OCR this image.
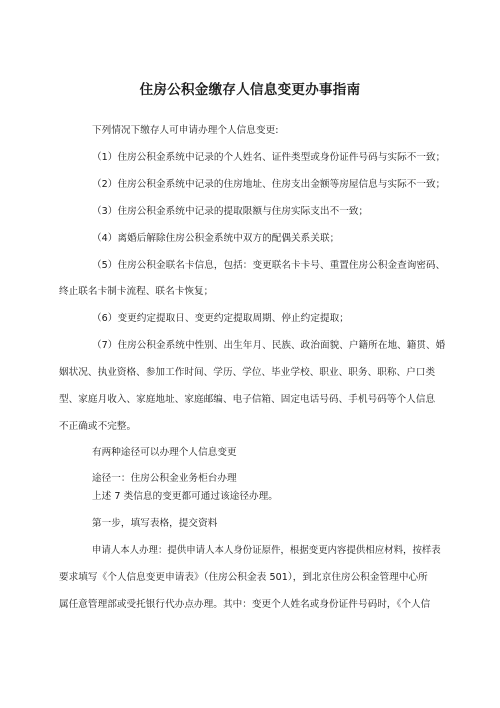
住房公积金缴存人信息变更办事指南
下列情况下缴存人可申请办理个人信息变更:
（1）住房公积金系统中记录的个人姓名、证件类型或身份证件号码与实际不一致；
（2）住房公积金系统中记录的住房地址、住房支出金额等房屋信息与实际不一致；
（3）住房公积金系统中记录的提取限额与住房实际支出不一致；
（4）离婚后解除住房公积金系统中双方的配偶关系关联；
（5）住房公积金联名卡信息，包括：变更联名卡卡号、重置住房公积金查询密码、
终止联名卡制卡流程、联名卡恢复；
（6）变更约定提取日、变更约定提取周期、停止约定提取；
（7）住房公积金系统中性别、出生年月、民族、政治面貌、户籍所在地、籍贯、婚
姻状况、执业资格、参加工作时间、学历、学位、毕业学校、职业、职务、职称、户口类
型、家庭月收入、家庭地址、家庭邮编、电子信箱、固定电话号码、手机号码等个人信息
不正确或不完整。
有两种途径可以办理个人信息变更
途径一：住房公积金业务柜台办理
上述 7 类信息的变更都可通过该途径办理。
第一步，填写表格，提交资料
申请人本人办理：提供申请人本人身份证原件，根据变更内容提供相应材料，按样表
要求填写《个人信息变更申请表》（住房公积金表 501），到北京住房公积金管理中心所
属任意管理部或受托银行代办点办理。其中：变更个人姓名或身份证件号码时，《个人信
